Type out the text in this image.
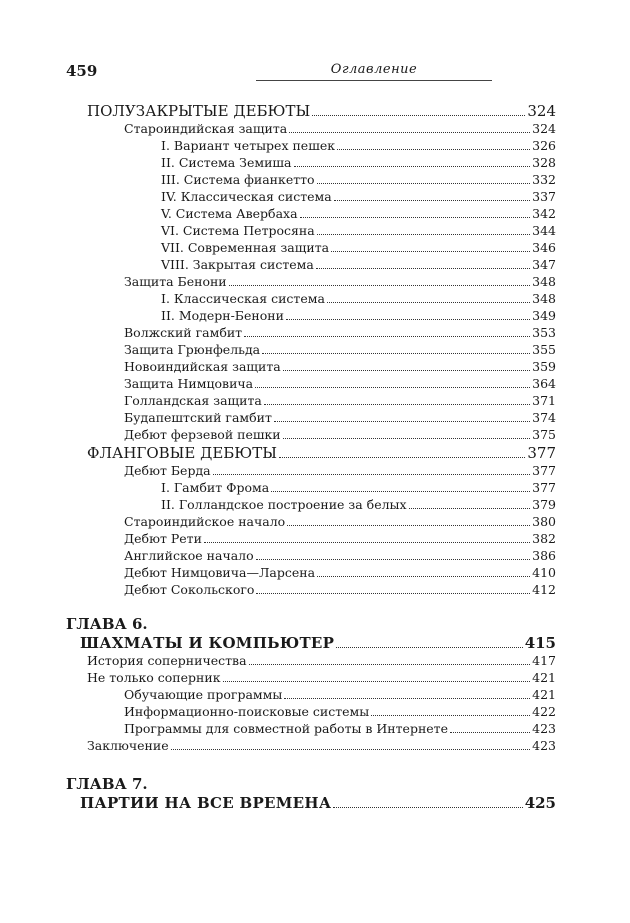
459	Оглавление
ПОЛУЗАКРЫТЫЕ ДЕБЮТЫ	324
Староиндийская защита	324
I. Вариант четырех пешек	326
II. Система Земиша	328
III. Система фианкетто	332
IV. Классическая система	337
V. Система Авербаха	342
VI. Система Петросяна	344
VII. Современная защита	346
VIII. Закрытая система	347
Защита Бенони	348
I. Классическая система	348
II. Модерн-Бенони	349
Волжский гамбит	353
Защита Грюнфельда	355
Новоиндийская защита	359
Защита Нимцовича	364
Голландская защита	371
Будапештский гамбит	374
Дебют ферзевой пешки	375
ФЛАНГОВЫЕ ДЕБЮТЫ	377
Дебют Берда	377
I. Гамбит Фрома	377
II. Голландское построение за белых	379
Староиндийское начало	380
Дебют Рети	382
Английское начало	386
Дебют Нимцовича—Ларсена	410
Дебют Сокольского	412
ГЛАВА 6.
ШАХМАТЫ И КОМПЬЮТЕР	415
История соперничества	417
Не только соперник	421
Обучающие программы	421
Информационно-поисковые системы	422
Программы для совместной работы в Интернете	423
Заключение	423
ГЛАВА 7.
ПАРТИИ НА ВСЕ ВРЕМЕНА	425
